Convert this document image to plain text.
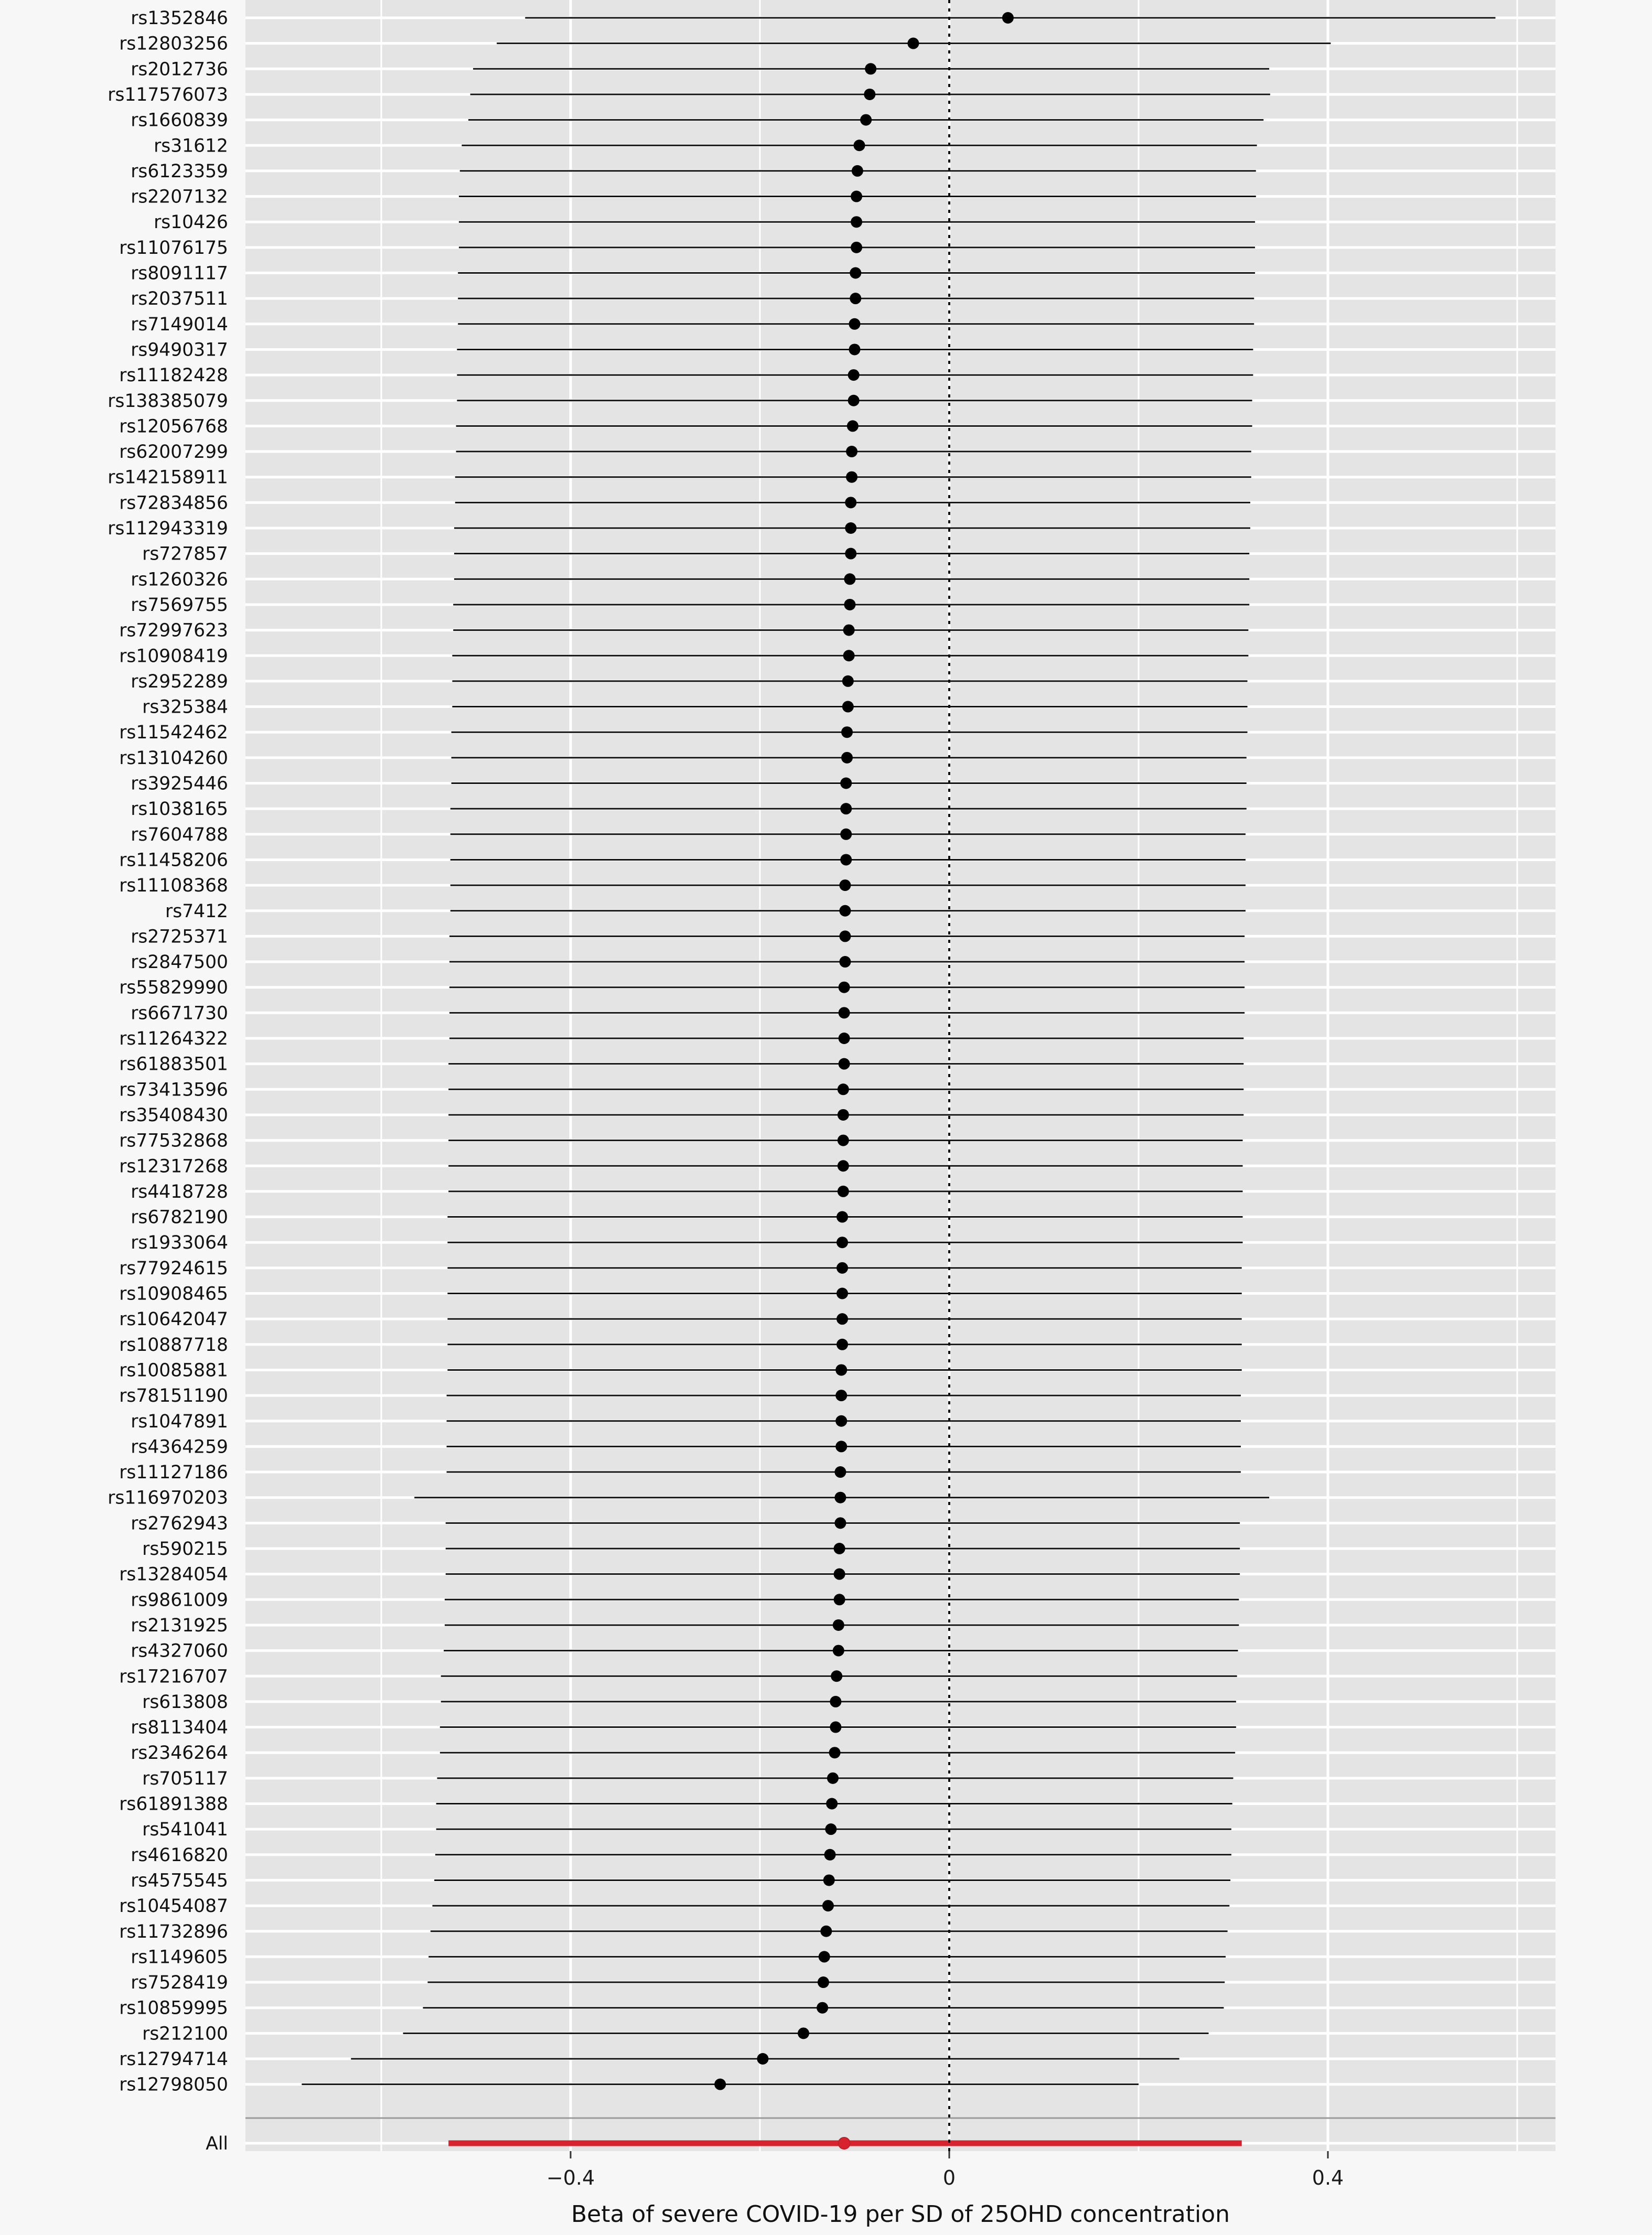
rs1352846
rs12803256
rs2012736
rs117576073
rs1660839
rs31612
rs6123359
rs2207132
rs10426
rs11076175
rs8091117
rs2037511
rs7149014
rs9490317
rs11182428
rs138385079
rs12056768
rs62007299
rs142158911
rs72834856
rs112943319
rs727857
rs1260326
rs7569755
rs72997623
rs10908419
rs2952289
rs325384
rs11542462
rs13104260
rs3925446
rs1038165
rs7604788
rs11458206
rs11108368
rs7412
rs2725371
rs2847500
rs55829990
rs6671730
rs11264322
rs61883501
rs73413596
rs35408430
rs77532868
rs12317268
rs4418728
rs6782190
rs1933064
rs77924615
rs10908465
rs10642047
rs10887718
rs10085881
rs78151190
rs1047891
rs4364259
rs11127186
rs116970203
rs2762943
rs590215
rs13284054
rs9861009
rs2131925
rs4327060
rs17216707
rs613808
rs8113404
rs2346264
rs705117
rs61891388
rs541041
rs4616820
rs4575545
rs10454087
rs11732896
rs1149605
rs7528419
rs10859995
rs212100
rs12794714
rs12798050
All
−0.4	0	0.4
Beta of severe COVID-19 per SD of 25OHD concentration
